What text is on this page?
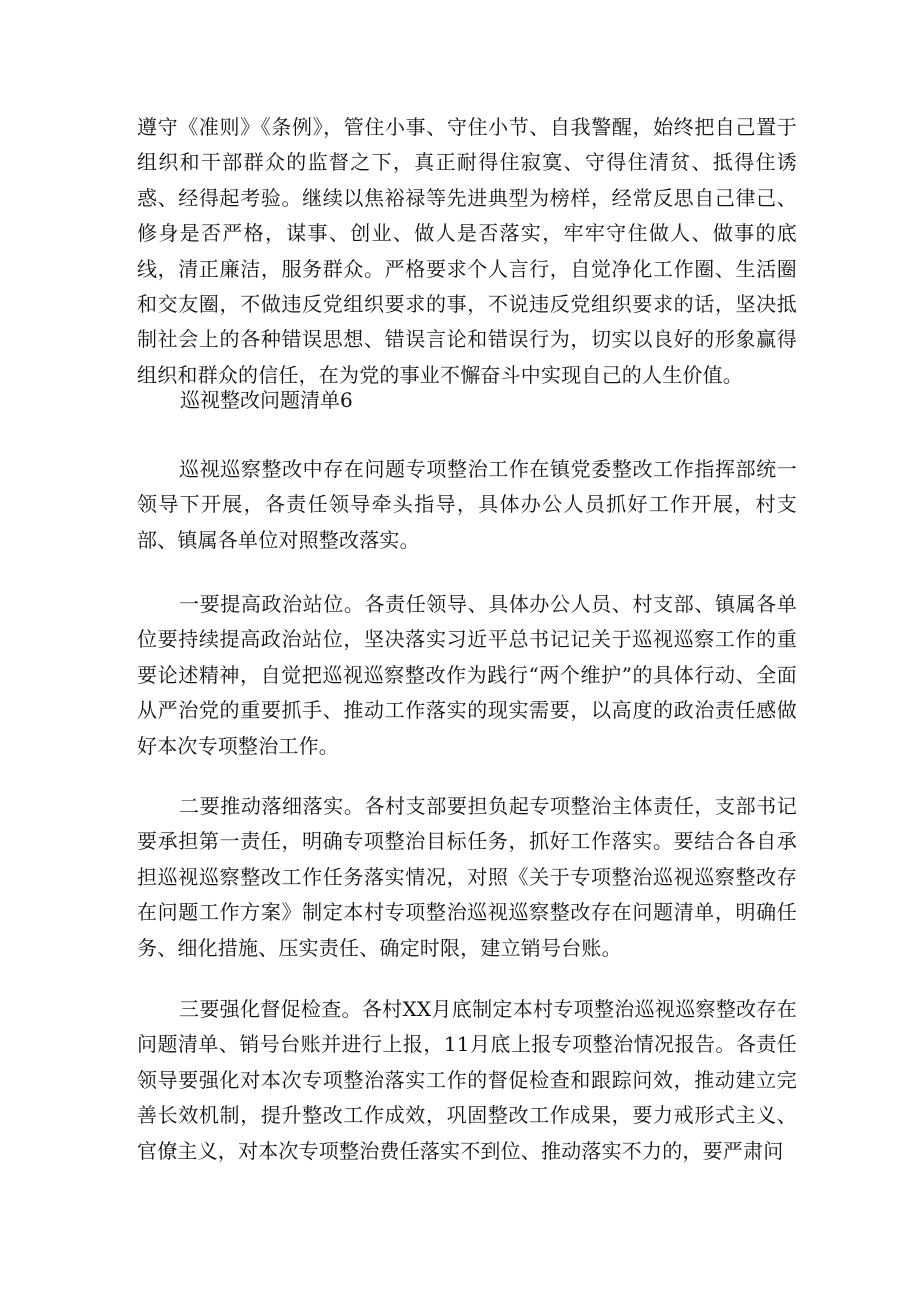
遵守《准则》《条例》，管住小事、守住小节、自我警醒，始终把自己置于组织和干部群众的监督之下，真正耐得住寂寞、守得住清贫、抵得住诱惑、经得起考验。继续以焦裕禄等先进典型为榜样，经常反思自己律己、修身是否严格，谋事、创业、做人是否落实，牢牢守住做人、做事的底线，清正廉洁，服务群众。严格要求个人言行，自觉净化工作圈、生活圈和交友圈，不做违反党组织要求的事，不说违反党组织要求的话，坚决抵制社会上的各种错误思想、错误言论和错误行为，切实以良好的形象赢得组织和群众的信任，在为党的事业不懈奋斗中实现自己的人生价值。

巡视整改问题清单6

巡视巡察整改中存在问题专项整治工作在镇党委整改工作指挥部统一领导下开展，各责任领导牵头指导，具体办公人员抓好工作开展，村支部、镇属各单位对照整改落实。

一要提高政治站位。各责任领导、具体办公人员、村支部、镇属各单位要持续提高政治站位，坚决落实习近平总书记记关于巡视巡察工作的重要论述精神，自觉把巡视巡察整改作为践行“两个维护”的具体行动、全面从严治党的重要抓手、推动工作落实的现实需要，以高度的政治责任感做好本次专项整治工作。

二要推动落细落实。各村支部要担负起专项整治主体责任，支部书记要承担第一责任，明确专项整治目标任务，抓好工作落实。要结合各自承担巡视巡察整改工作任务落实情况，对照《关于专项整治巡视巡察整改存在问题工作方案》制定本村专项整治巡视巡察整改存在问题清单，明确任务、细化措施、压实责任、确定时限，建立销号台账。

三要强化督促检查。各村XX月底制定本村专项整治巡视巡察整改存在问题清单、销号台账并进行上报，11月底上报专项整治情况报告。各责任领导要强化对本次专项整治落实工作的督促检查和跟踪问效，推动建立完善长效机制，提升整改工作成效，巩固整改工作成果，要力戒形式主义、官僚主义，对本次专项整治费任落实不到位、推动落实不力的，要严肃问
